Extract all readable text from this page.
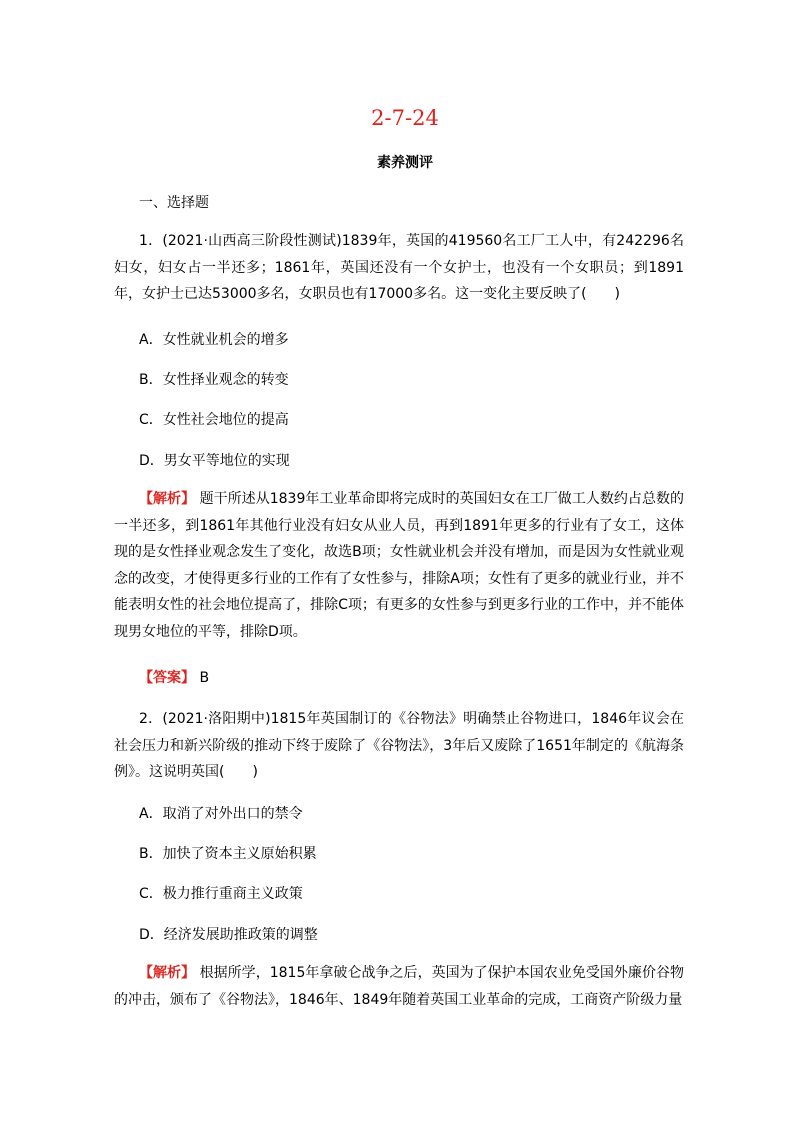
2-7-24
素养测评
一、选择题
1．(2021·山西高三阶段性测试)1839年，英国的419560名工厂工人中，有242296名妇女，妇女占一半还多；1861年，英国还没有一个女护士，也没有一个女职员；到1891年，女护士已达53000多名，女职员也有17000多名。这一变化主要反映了(　　)
A．女性就业机会的增多
B．女性择业观念的转变
C．女性社会地位的提高
D．男女平等地位的实现
【解析】 题干所述从1839年工业革命即将完成时的英国妇女在工厂做工人数约占总数的一半还多，到1861年其他行业没有妇女从业人员，再到1891年更多的行业有了女工，这体现的是女性择业观念发生了变化，故选B项；女性就业机会并没有增加，而是因为女性就业观念的改变，才使得更多行业的工作有了女性参与，排除A项；女性有了更多的就业行业，并不能表明女性的社会地位提高了，排除C项；有更多的女性参与到更多行业的工作中，并不能体现男女地位的平等，排除D项。
【答案】 B
2．(2021·洛阳期中)1815年英国制订的《谷物法》明确禁止谷物进口，1846年议会在社会压力和新兴阶级的推动下终于废除了《谷物法》，3年后又废除了1651年制定的《航海条例》。这说明英国(　　)
A．取消了对外出口的禁令
B．加快了资本主义原始积累
C．极力推行重商主义政策
D．经济发展助推政策的调整
【解析】 根据所学，1815年拿破仑战争之后，英国为了保护本国农业免受国外廉价谷物的冲击，颁布了《谷物法》，1846年、1849年随着英国工业革命的完成，工商资产阶级力量
